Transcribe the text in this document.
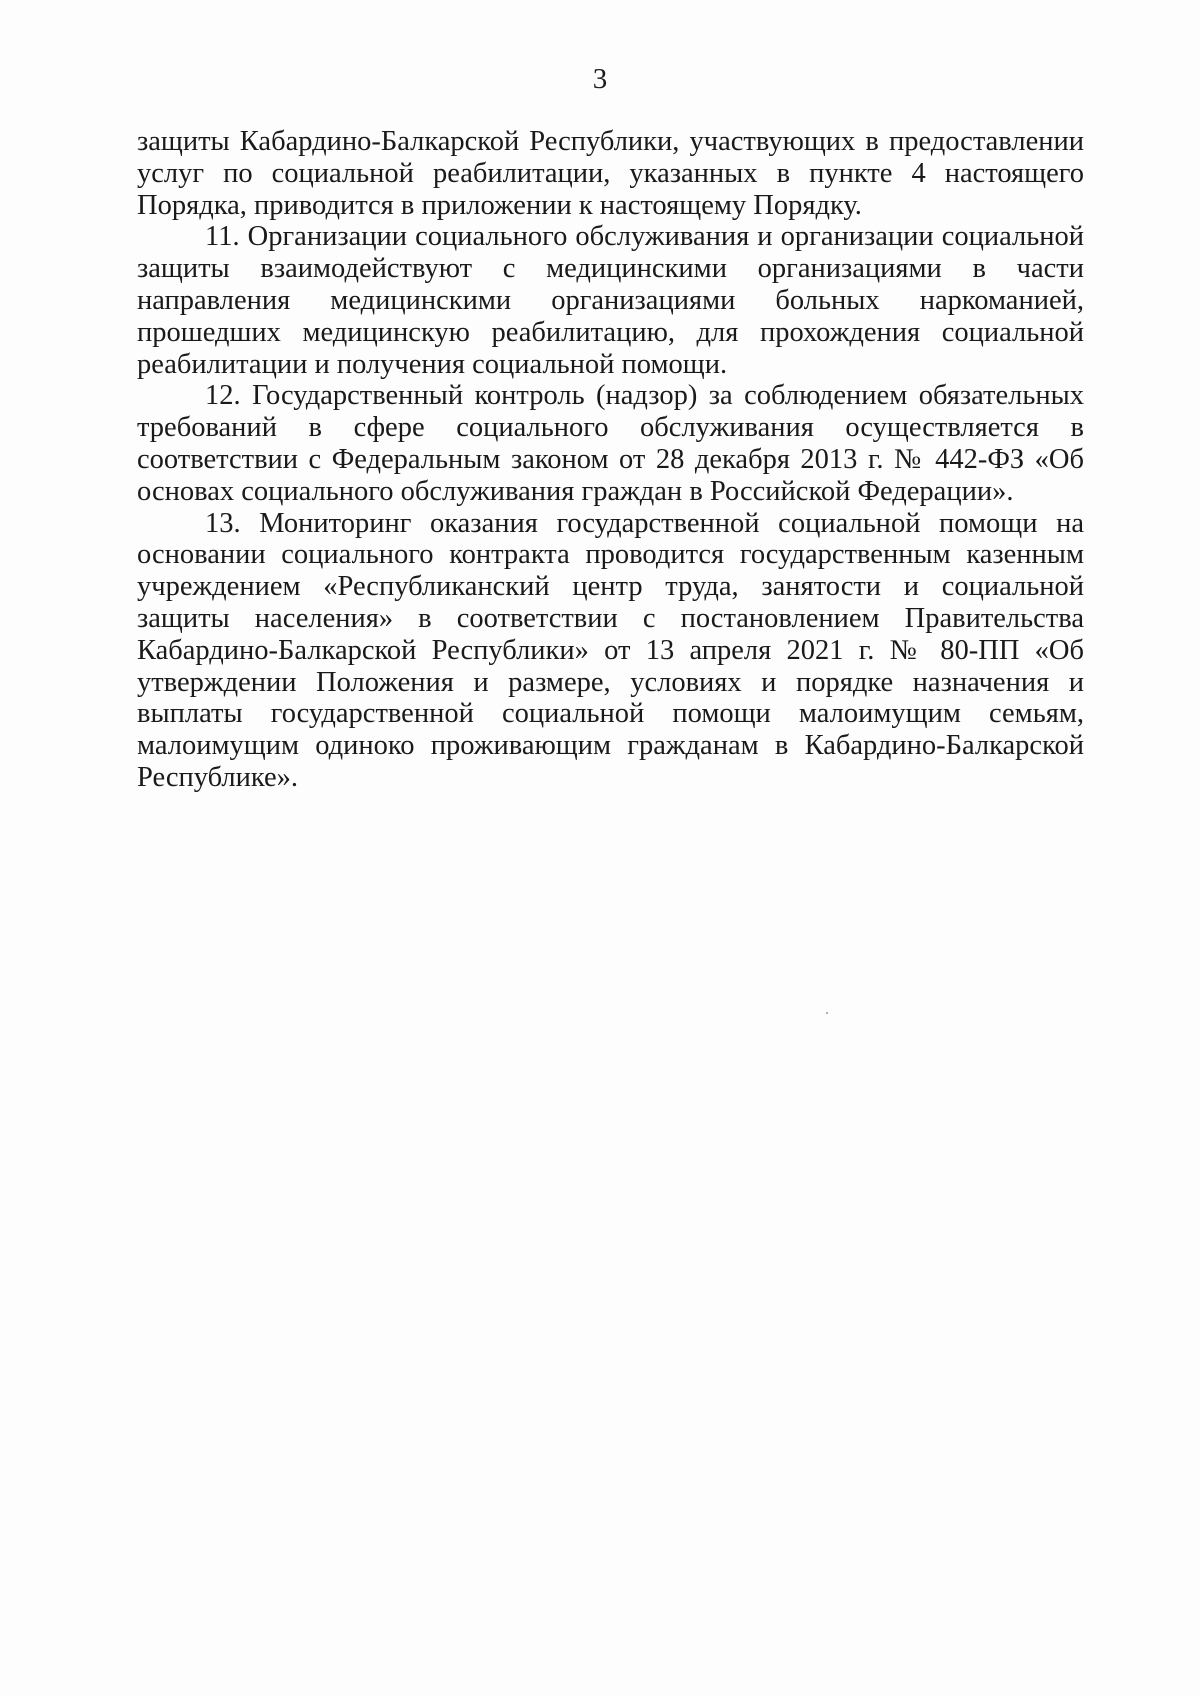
3

защиты Кабардино-Балкарской Республики, участвующих в предоставлении услуг по социальной реабилитации, указанных в пункте 4 настоящего Порядка, приводится в приложении к настоящему Порядку.

11. Организации социального обслуживания и организации социальной защиты взаимодействуют с медицинскими организациями в части направления медицинскими организациями больных наркоманией, прошедших медицинскую реабилитацию, для прохождения социальной реабилитации и получения социальной помощи.

12. Государственный контроль (надзор) за соблюдением обязательных требований в сфере социального обслуживания осуществляется в соответствии с Федеральным законом от 28 декабря 2013 г. № 442-ФЗ «Об основах социального обслуживания граждан в Российской Федерации».

13. Мониторинг оказания государственной социальной помощи на основании социального контракта проводится государственным казенным учреждением «Республиканский центр труда, занятости и социальной защиты населения» в соответствии с постановлением Правительства Кабардино-Балкарской Республики» от 13 апреля 2021 г. № 80-ПП «Об утверждении Положения и размере, условиях и порядке назначения и выплаты государственной социальной помощи малоимущим семьям, малоимущим одиноко проживающим гражданам в Кабардино-Балкарской Республике».
